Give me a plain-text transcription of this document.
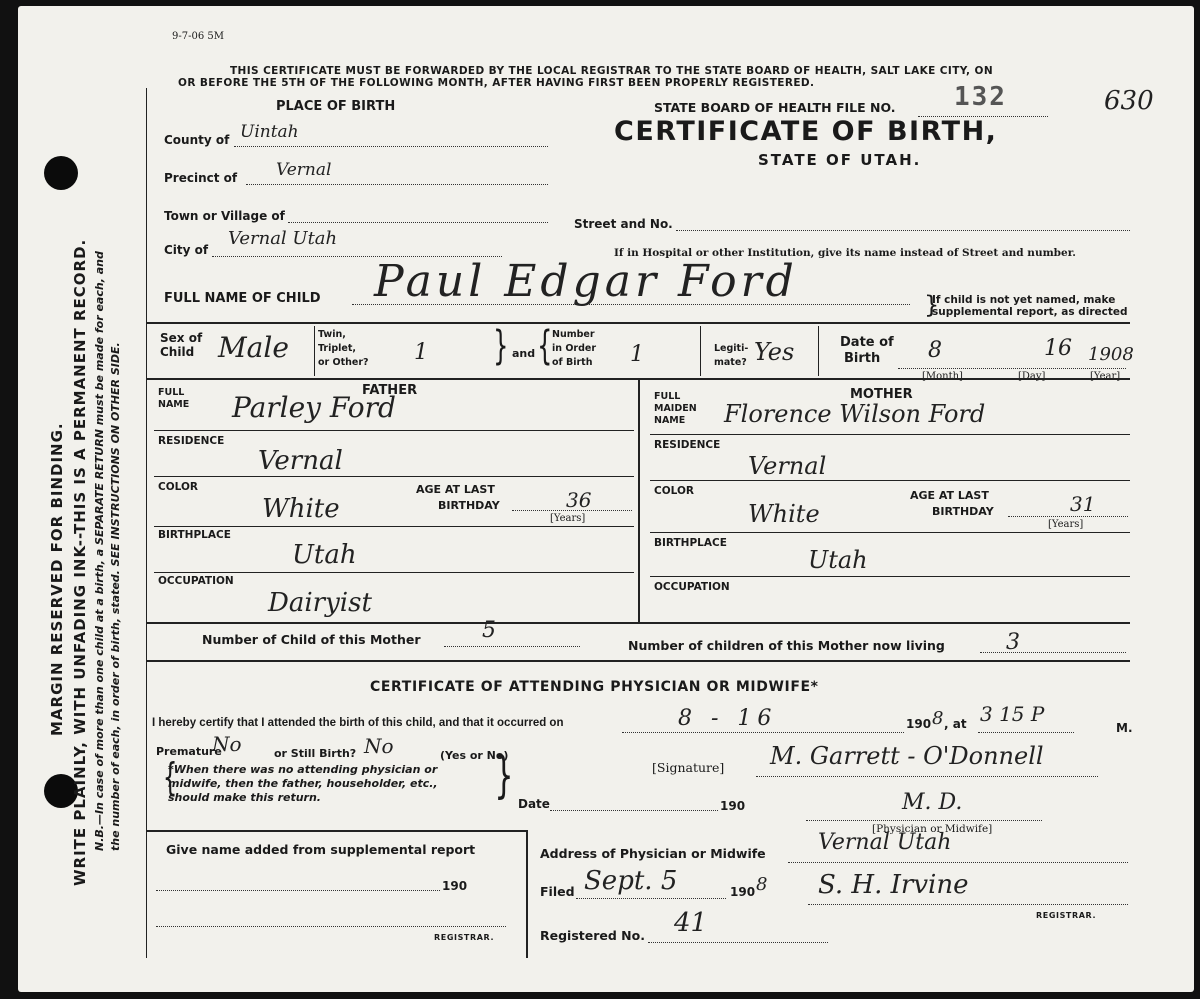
MARGIN RESERVED FOR BINDING. WRITE PLAINLY, WITH UNFADING INK--THIS IS A PERMANENT RECORD. N.B.—In case of more than one child at a birth, a SEPARATE RETURN must be made for each, and the number of each, in order of birth, stated. SEE INSTRUCTIONS ON OTHER SIDE.
9-7-06 5M
THIS CERTIFICATE MUST BE FORWARDED BY THE LOCAL REGISTRAR TO THE STATE BOARD OF HEALTH, SALT LAKE CITY, ON
OR BEFORE THE 5TH OF THE FOLLOWING MONTH, AFTER HAVING FIRST BEEN PROPERLY REGISTERED.
PLACE OF BIRTH
County of Uintah
Precinct of Vernal
Town or Village of
City of
Vernal Utah
STATE BOARD OF HEALTH FILE NO. 132	630
CERTIFICATE OF BIRTH,
STATE OF UTAH.
Street and No.
If in Hospital or other Institution, give its name instead of Street and number.
FULL NAME OF CHILD Paul Edgar Ford	If child is not yet named, make
supplemental report, as directed
}
Sex of
Child Male	Twin,
Triplet,
or Other? 1 } and { Number
in Order
of Birth 1	Legiti-
mate? Yes	Date of
Birth 8	16 1908
[Month]	[Day]	[Year]
FATHER
FULL
NAME Parley Ford
RESIDENCE
Vernal
COLOR
White
AGE AT LAST
BIRTHDAY	36
[Years]
BIRTHPLACE
Utah
OCCUPATION
Dairyist
MOTHER
FULL
MAIDEN
NAME Florence Wilson Ford
RESIDENCE
Vernal
COLOR
White
AGE AT LAST
BIRTHDAY	31
[Years]
BIRTHPLACE
Utah
OCCUPATION
Number of Child of this Mother	5
Number of children of this Mother now living	3
CERTIFICATE OF ATTENDING PHYSICIAN OR MIDWIFE*
I hereby certify that I attended the birth of this child, and that it occurred on	8 - 16	190 8 , at 3 15 P
M.
Premature
No	or Still Birth? No	(Yes or No)
{
*When there was no attending physician or
midwife, then the father, householder, etc.,
should make this return.	}	[Signature] M. Garrett - O'Donnell
M. D.
[Physician or Midwife]
Date	190
Give name added from supplemental report
190
REGISTRAR.
Address of Physician or Midwife Vernal Utah
Filed Sept. 5	190 8 S. H. Irvine
REGISTRAR.
Registered No. 41
